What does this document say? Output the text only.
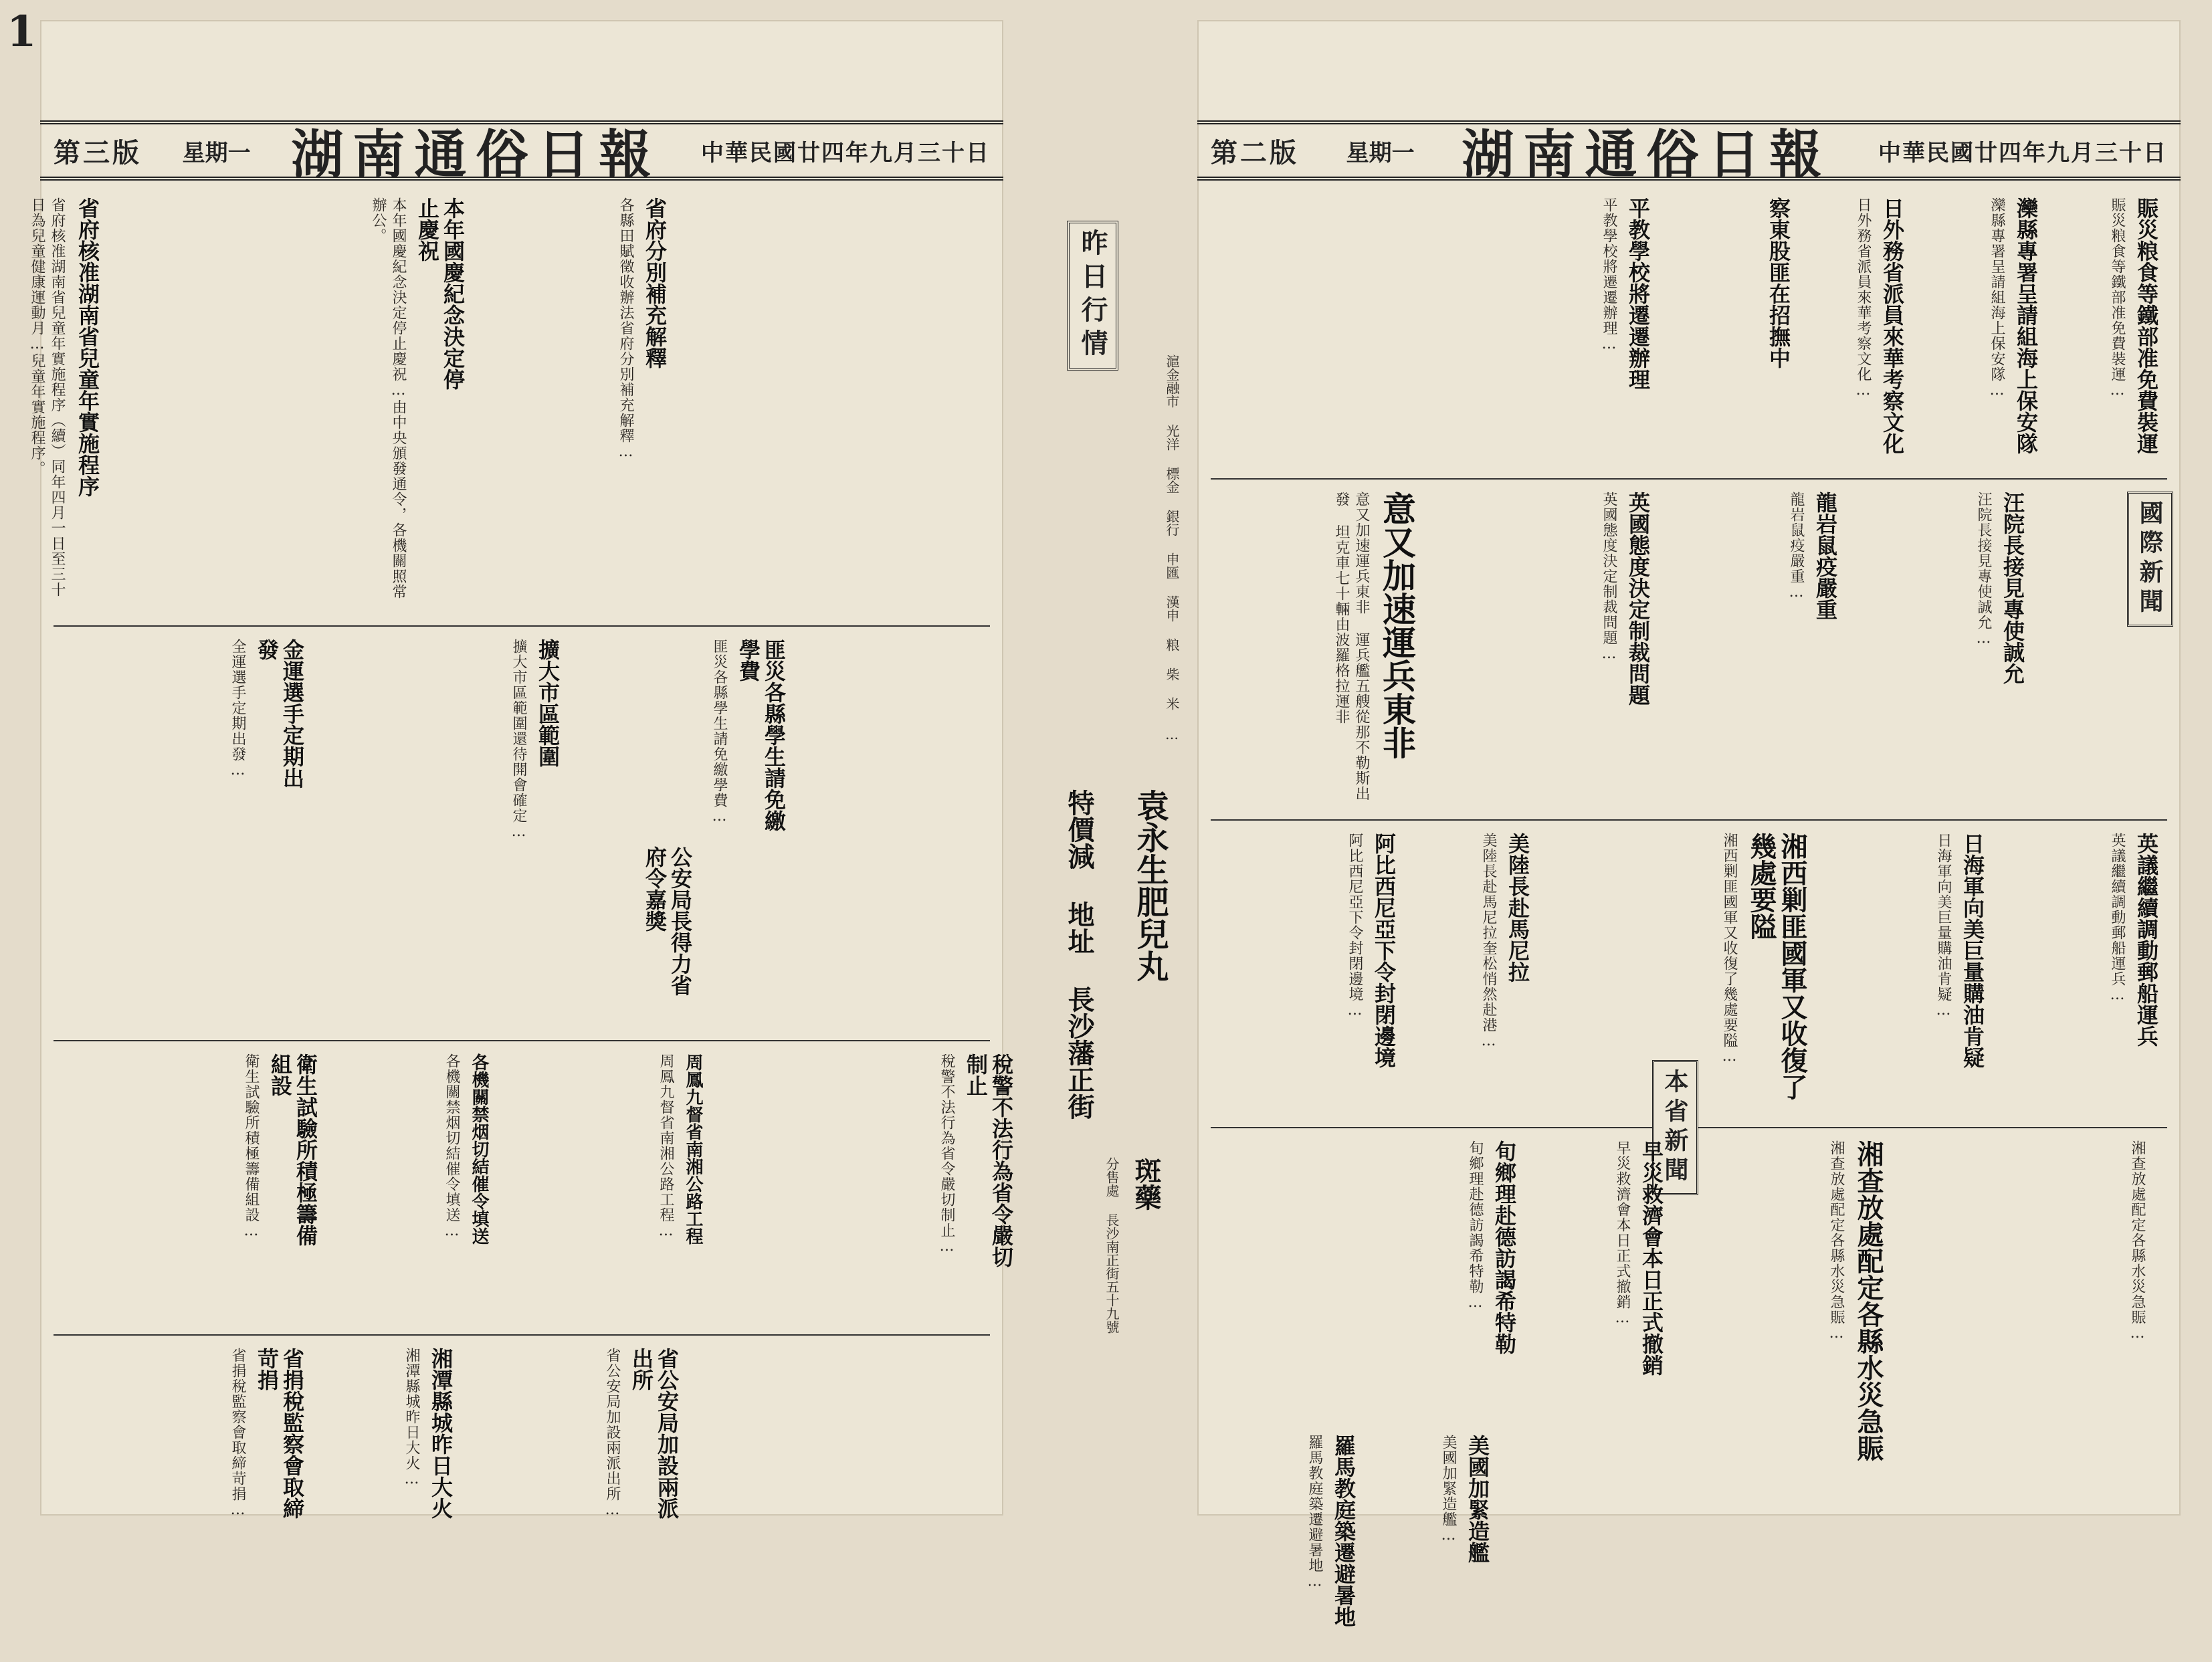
1
第三版 星期一 湖南通俗日報 中華民國廿四年九月三十日
省府核准湖南省兒童年實施程序
省府核准湖南省兒童年實施程序（續）同年四月一日至三十日為兒童健康運動月…兒童年實施程序。	本年國慶紀念決定停止慶祝
本年國慶紀念決定停止慶祝…由中央頒發通令，各機關照常辦公。	省府分別補充解釋
各縣田賦徵收辦法省府分別補充解釋…
金運選手定期出發
全運選手定期出發…	擴大市區範圍
擴大市區範圍還待開會確定…	匪災各縣學生請免繳學費
匪災各縣學生請免繳學費…
公安局長得力省府令嘉獎
衛生試驗所積極籌備組設
衛生試驗所積極籌備組設…	稅警不法行為省令嚴切制止
稅警不法行為省令嚴切制止…
各機關禁烟切結催令填送
各機關禁烟切結催令填送…	周鳳九督省南湘公路工程
周鳳九督省南湘公路工程…
省捐稅監察會取締苛捐
省捐稅監察會取締苛捐…	省公安局加設兩派出所
省公安局加設兩派出所…
湘潭縣城昨日大火
湘潭縣城昨日大火…
昨日行情
滬金融市 光洋 標金 銀行 申匯 漢申 粮 柴 米 …
袁永生肥兒丸
特價減 地址 長沙藩正街
斑藥
分售處 長沙南正街五十九號
第二版 星期一 湖南通俗日報 中華民國廿四年九月三十日
國際新聞
本省新聞
賑災粮食等鐵部准免費裝運
賑災粮食等鐵部准免費裝運…
灤縣專署呈請組海上保安隊
灤縣專署呈請組海上保安隊…
日外務省派員來華考察文化
日外務省派員來華考察文化…
察東股匪在招撫中
平教學校將遷遷辦理
平教學校將遷遷辦理…
汪院長接見專使誠允
汪院長接見專使誠允…
龍岩鼠疫嚴重
龍岩鼠疫嚴重…
英國態度決定制裁問題
英國態度決定制裁問題…
意又加速運兵東非
意又加速運兵東非 運兵艦五艘從那不勒斯出發 坦克車七十輛由波羅格拉運非
英議繼續調動郵船運兵
英議繼續調動郵船運兵…
日海軍向美巨量購油肯疑
日海軍向美巨量購油肯疑…
美陸長赴馬尼拉
美陸長赴馬尼拉奎松悄然赴港…
阿比西尼亞下令封閉邊境
阿比西尼亞下令封閉邊境…	湘西剿匪國軍又收復了幾處要隘
湘西剿匪國軍又收復了幾處要隘…
湘查放處配定各縣水災急賑
湘查放處配定各縣水災急賑…
旬鄉理赴德訪謁希特勒
旬鄉理赴德訪謁希特勒…	早災救濟會本日正式撤銷
早災救濟會本日正式撤銷…
羅馬教庭築遷避暑地
羅馬教庭築遷避暑地…	美國加緊造艦
美國加緊造艦…
湘查放處配定各縣水災急賑…
